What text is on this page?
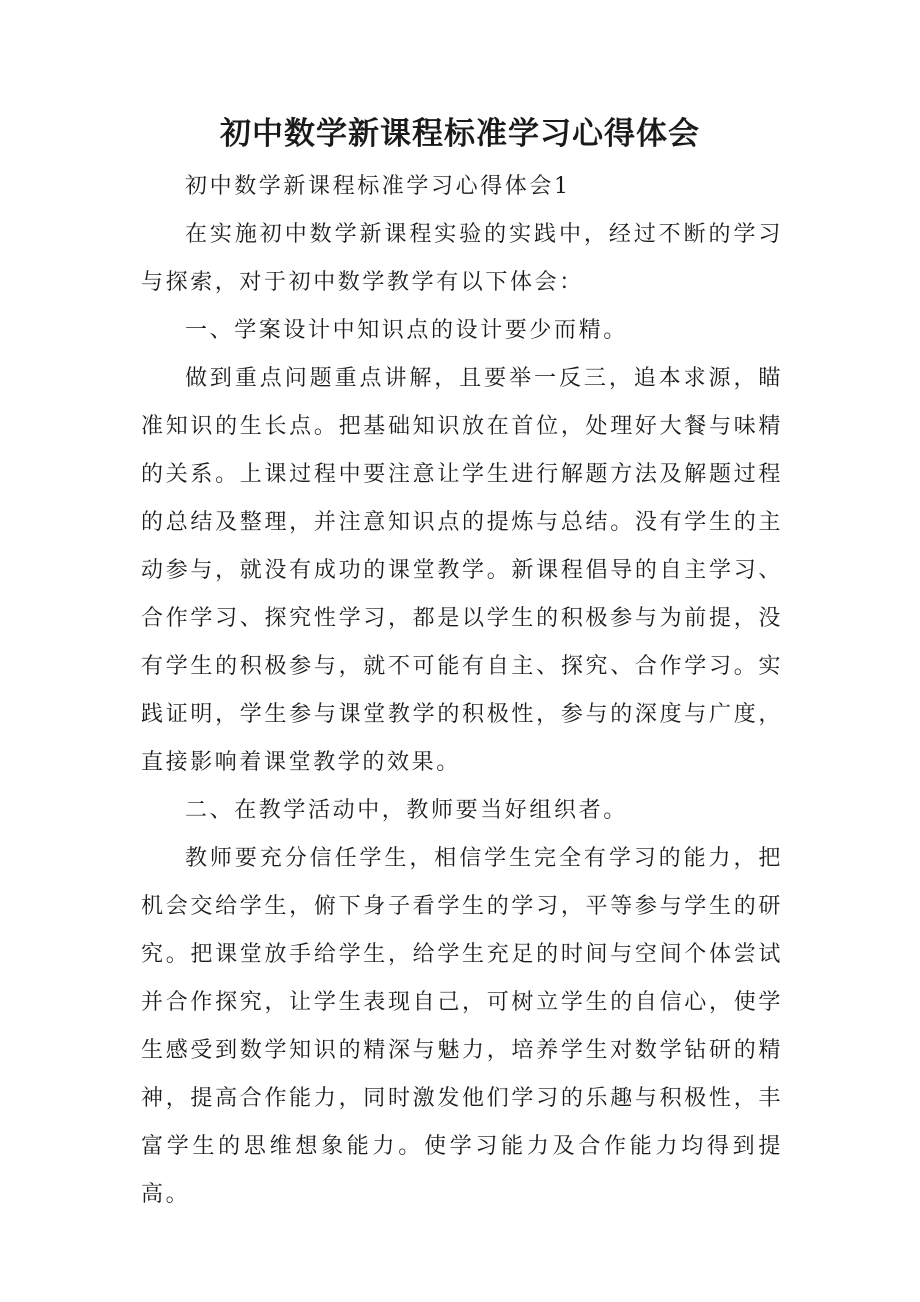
初中数学新课程标准学习心得体会

初中数学新课程标准学习心得体会1

在实施初中数学新课程实验的实践中，经过不断的学习与探索，对于初中数学教学有以下体会：

一、学案设计中知识点的设计要少而精。

做到重点问题重点讲解，且要举一反三，追本求源，瞄准知识的生长点。把基础知识放在首位，处理好大餐与味精的关系。上课过程中要注意让学生进行解题方法及解题过程的总结及整理，并注意知识点的提炼与总结。没有学生的主动参与，就没有成功的课堂教学。新课程倡导的自主学习、合作学习、探究性学习，都是以学生的积极参与为前提，没有学生的积极参与，就不可能有自主、探究、合作学习。实践证明，学生参与课堂教学的积极性，参与的深度与广度，直接影响着课堂教学的效果。

二、在教学活动中，教师要当好组织者。

教师要充分信任学生，相信学生完全有学习的能力，把机会交给学生，俯下身子看学生的学习，平等参与学生的研究。把课堂放手给学生，给学生充足的时间与空间个体尝试并合作探究，让学生表现自己，可树立学生的自信心，使学生感受到数学知识的精深与魅力，培养学生对数学钻研的精神，提高合作能力，同时激发他们学习的乐趣与积极性，丰富学生的思维想象能力。使学习能力及合作能力均得到提高。
